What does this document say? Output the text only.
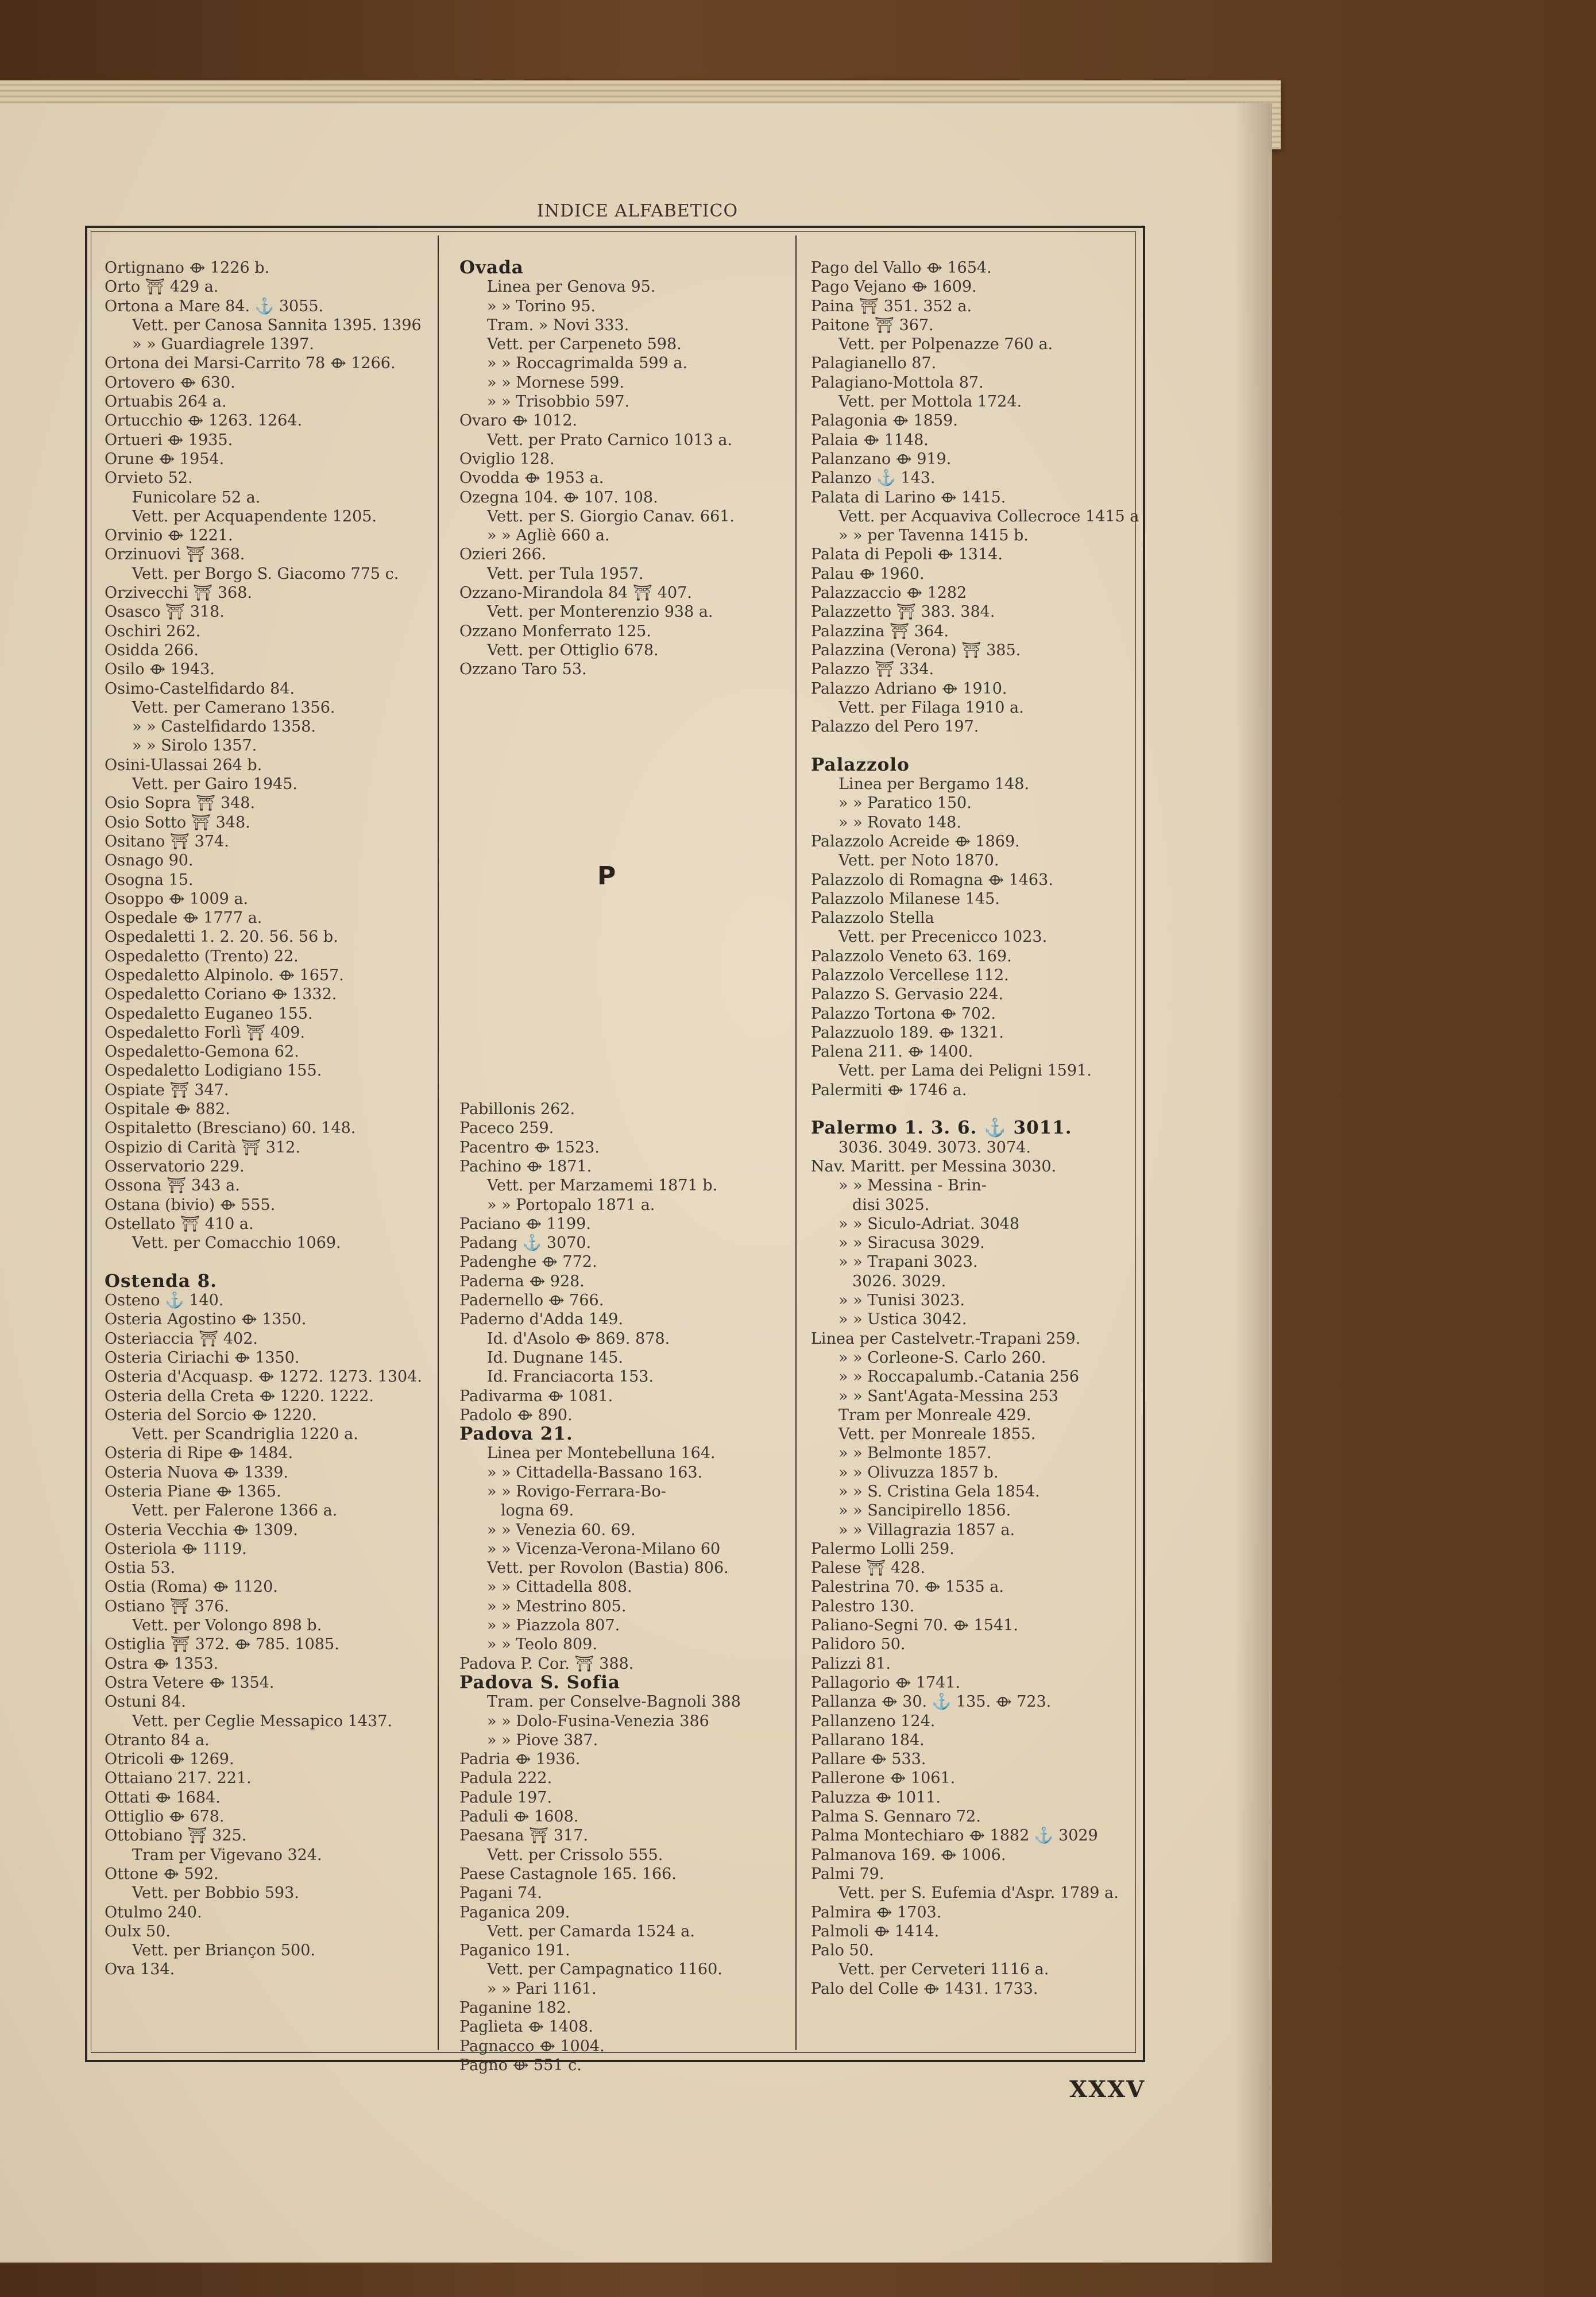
INDICE ALFABETICO
Ortignano ⟴ 1226 b.
Orto ⛩ 429 a.
Ortona a Mare 84. ⚓ 3055.
Vett. per Canosa Sannita 1395. 1396
» » Guardiagrele 1397.
Ortona dei Marsi-Carrito 78 ⟴ 1266.
Ortovero ⟴ 630.
Ortuabis 264 a.
Ortucchio ⟴ 1263. 1264.
Ortueri ⟴ 1935.
Orune ⟴ 1954.
Orvieto 52.
Funicolare 52 a.
Vett. per Acquapendente 1205.
Orvinio ⟴ 1221.
Orzinuovi ⛩ 368.
Vett. per Borgo S. Giacomo 775 c.
Orzivecchi ⛩ 368.
Osasco ⛩ 318.
Oschiri 262.
Osidda 266.
Osilo ⟴ 1943.
Osimo-Castelfidardo 84.
Vett. per Camerano 1356.
» » Castelfidardo 1358.
» » Sirolo 1357.
Osini-Ulassai 264 b.
Vett. per Gairo 1945.
Osio Sopra ⛩ 348.
Osio Sotto ⛩ 348.
Ositano ⛩ 374.
Osnago 90.
Osogna 15.
Osoppo ⟴ 1009 a.
Ospedale ⟴ 1777 a.
Ospedaletti 1. 2. 20. 56. 56 b.
Ospedaletto (Trento) 22.
Ospedaletto Alpinolo. ⟴ 1657.
Ospedaletto Coriano ⟴ 1332.
Ospedaletto Euganeo 155.
Ospedaletto Forlì ⛩ 409.
Ospedaletto-Gemona 62.
Ospedaletto Lodigiano 155.
Ospiate ⛩ 347.
Ospitale ⟴ 882.
Ospitaletto (Bresciano) 60. 148.
Ospizio di Carità ⛩ 312.
Osservatorio 229.
Ossona ⛩ 343 a.
Ostana (bivio) ⟴ 555.
Ostellato ⛩ 410 a.
Vett. per Comacchio 1069.
Ostenda 8.
Osteno ⚓ 140.
Osteria Agostino ⟴ 1350.
Osteriaccia ⛩ 402.
Osteria Ciriachi ⟴ 1350.
Osteria d'Acquasp. ⟴ 1272. 1273. 1304.
Osteria della Creta ⟴ 1220. 1222.
Osteria del Sorcio ⟴ 1220.
Vett. per Scandriglia 1220 a.
Osteria di Ripe ⟴ 1484.
Osteria Nuova ⟴ 1339.
Osteria Piane ⟴ 1365.
Vett. per Falerone 1366 a.
Osteria Vecchia ⟴ 1309.
Osteriola ⟴ 1119.
Ostia 53.
Ostia (Roma) ⟴ 1120.
Ostiano ⛩ 376.
Vett. per Volongo 898 b.
Ostiglia ⛩ 372. ⟴ 785. 1085.
Ostra ⟴ 1353.
Ostra Vetere ⟴ 1354.
Ostuni 84.
Vett. per Ceglie Messapico 1437.
Otranto 84 a.
Otricoli ⟴ 1269.
Ottaiano 217. 221.
Ottati ⟴ 1684.
Ottiglio ⟴ 678.
Ottobiano ⛩ 325.
Tram per Vigevano 324.
Ottone ⟴ 592.
Vett. per Bobbio 593.
Otulmo 240.
Oulx 50.
Vett. per Briançon 500.
Ova 134.
Ovada
Linea per Genova 95.
» » Torino 95.
Tram. » Novi 333.
Vett. per Carpeneto 598.
» » Roccagrimalda 599 a.
» » Mornese 599.
» » Trisobbio 597.
Ovaro ⟴ 1012.
Vett. per Prato Carnico 1013 a.
Oviglio 128.
Ovodda ⟴ 1953 a.
Ozegna 104. ⟴ 107. 108.
Vett. per S. Giorgio Canav. 661.
» » Agliè 660 a.
Ozieri 266.
Vett. per Tula 1957.
Ozzano-Mirandola 84 ⛩ 407.
Vett. per Monterenzio 938 a.
Ozzano Monferrato 125.
Vett. per Ottiglio 678.
Ozzano Taro 53.
Pabillonis 262.
Paceco 259.
Pacentro ⟴ 1523.
Pachino ⟴ 1871.
Vett. per Marzamemi 1871 b.
» » Portopalo 1871 a.
Paciano ⟴ 1199.
Padang ⚓ 3070.
Padenghe ⟴ 772.
Paderna ⟴ 928.
Padernello ⟴ 766.
Paderno d'Adda 149.
Id. d'Asolo ⟴ 869. 878.
Id. Dugnane 145.
Id. Franciacorta 153.
Padivarma ⟴ 1081.
Padolo ⟴ 890.
Padova 21.
Linea per Montebelluna 164.
» » Cittadella-Bassano 163.
» » Rovigo-Ferrara-Bo-
logna 69.
» » Venezia 60. 69.
» » Vicenza-Verona-Milano 60
Vett. per Rovolon (Bastia) 806.
» » Cittadella 808.
» » Mestrino 805.
» » Piazzola 807.
» » Teolo 809.
Padova P. Cor. ⛩ 388.
Padova S. Sofia
Tram. per Conselve-Bagnoli 388
» » Dolo-Fusina-Venezia 386
» » Piove 387.
Padria ⟴ 1936.
Padula 222.
Padule 197.
Paduli ⟴ 1608.
Paesana ⛩ 317.
Vett. per Crissolo 555.
Paese Castagnole 165. 166.
Pagani 74.
Paganica 209.
Vett. per Camarda 1524 a.
Paganico 191.
Vett. per Campagnatico 1160.
» » Pari 1161.
Paganine 182.
Paglieta ⟴ 1408.
Pagnacco ⟴ 1004.
Pagno ⟴ 551 c.
Pago del Vallo ⟴ 1654.
Pago Vejano ⟴ 1609.
Paina ⛩ 351. 352 a.
Paitone ⛩ 367.
Vett. per Polpenazze 760 a.
Palagianello 87.
Palagiano-Mottola 87.
Vett. per Mottola 1724.
Palagonia ⟴ 1859.
Palaia ⟴ 1148.
Palanzano ⟴ 919.
Palanzo ⚓ 143.
Palata di Larino ⟴ 1415.
Vett. per Acquaviva Collecroce 1415 a
» » per Tavenna 1415 b.
Palata di Pepoli ⟴ 1314.
Palau ⟴ 1960.
Palazzaccio ⟴ 1282
Palazzetto ⛩ 383. 384.
Palazzina ⛩ 364.
Palazzina (Verona) ⛩ 385.
Palazzo ⛩ 334.
Palazzo Adriano ⟴ 1910.
Vett. per Filaga 1910 a.
Palazzo del Pero 197.
Palazzolo
Linea per Bergamo 148.
» » Paratico 150.
» » Rovato 148.
Palazzolo Acreide ⟴ 1869.
Vett. per Noto 1870.
Palazzolo di Romagna ⟴ 1463.
Palazzolo Milanese 145.
Palazzolo Stella
Vett. per Precenicco 1023.
Palazzolo Veneto 63. 169.
Palazzolo Vercellese 112.
Palazzo S. Gervasio 224.
Palazzo Tortona ⟴ 702.
Palazzuolo 189. ⟴ 1321.
Palena 211. ⟴ 1400.
Vett. per Lama dei Peligni 1591.
Palermiti ⟴ 1746 a.
Palermo 1. 3. 6. ⚓ 3011.
3036. 3049. 3073. 3074.
Nav. Maritt. per Messina 3030.
» » Messina - Brin-
disi 3025.
» » Siculo-Adriat. 3048
» » Siracusa 3029.
» » Trapani 3023.
3026. 3029.
» » Tunisi 3023.
» » Ustica 3042.
Linea per Castelvetr.-Trapani 259.
» » Corleone-S. Carlo 260.
» » Roccapalumb.-Catania 256
» » Sant'Agata-Messina 253
Tram per Monreale 429.
Vett. per Monreale 1855.
» » Belmonte 1857.
» » Olivuzza 1857 b.
» » S. Cristina Gela 1854.
» » Sancipirello 1856.
» » Villagrazia 1857 a.
Palermo Lolli 259.
Palese ⛩ 428.
Palestrina 70. ⟴ 1535 a.
Palestro 130.
Paliano-Segni 70. ⟴ 1541.
Palidoro 50.
Palizzi 81.
Pallagorio ⟴ 1741.
Pallanza ⟴ 30. ⚓ 135. ⟴ 723.
Pallanzeno 124.
Pallarano 184.
Pallare ⟴ 533.
Pallerone ⟴ 1061.
Paluzza ⟴ 1011.
Palma S. Gennaro 72.
Palma Montechiaro ⟴ 1882 ⚓ 3029
Palmanova 169. ⟴ 1006.
Palmi 79.
Vett. per S. Eufemia d'Aspr. 1789 a.
Palmira ⟴ 1703.
Palmoli ⟴ 1414.
Palo 50.
Vett. per Cerveteri 1116 a.
Palo del Colle ⟴ 1431. 1733.
P
XXXV
